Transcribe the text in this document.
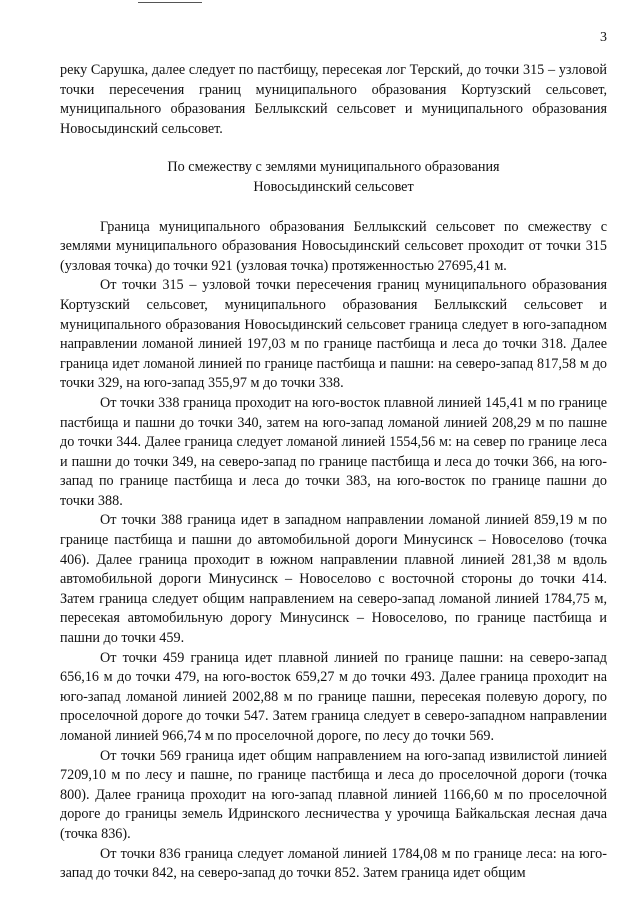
3

реку Сарушка, далее следует по пастбищу, пересекая лог Терский, до точки 315 – узловой точки пересечения границ муниципального образования Кортузский сельсовет, муниципального образования Беллыкский сельсовет и муниципального образования Новосыдинский сельсовет.

По смежеству с землями муниципального образования
Новосыдинский сельсовет

Граница муниципального образования Беллыкский сельсовет по смежеству с землями муниципального образования Новосыдинский сельсовет проходит от точки 315 (узловая точка) до точки 921 (узловая точка) протяженностью 27695,41 м.

От точки 315 – узловой точки пересечения границ муниципального образования Кортузский сельсовет, муниципального образования Беллыкский сельсовет и муниципального образования Новосыдинский сельсовет граница следует в юго-западном направлении ломаной линией 197,03 м по границе пастбища и леса до точки 318. Далее граница идет ломаной линией по границе пастбища и пашни: на северо-запад 817,58 м до точки 329, на юго-запад 355,97 м до точки 338.

От точки 338 граница проходит на юго-восток плавной линией 145,41 м по границе пастбища и пашни до точки 340, затем на юго-запад ломаной линией 208,29 м по пашне до точки 344. Далее граница следует ломаной линией 1554,56 м: на север по границе леса и пашни до точки 349, на северо-запад по границе пастбища и леса до точки 366, на юго-запад по границе пастбища и леса до точки 383, на юго-восток по границе пашни до точки 388.

От точки 388 граница идет в западном направлении ломаной линией 859,19 м по границе пастбища и пашни до автомобильной дороги Минусинск – Новоселово (точка 406). Далее граница проходит в южном направлении плавной линией 281,38 м вдоль автомобильной дороги Минусинск – Новоселово с восточной стороны до точки 414. Затем граница следует общим направлением на северо-запад ломаной линией 1784,75 м, пересекая автомобильную дорогу Минусинск – Новоселово, по границе пастбища и пашни до точки 459.

От точки 459 граница идет плавной линией по границе пашни: на северо-запад 656,16 м до точки 479, на юго-восток 659,27 м до точки 493. Далее граница проходит на юго-запад ломаной линией 2002,88 м по границе пашни, пересекая полевую дорогу, по проселочной дороге до точки 547. Затем граница следует в северо-западном направлении ломаной линией 966,74 м по проселочной дороге, по лесу до точки 569.

От точки 569 граница идет общим направлением на юго-запад извилистой линией 7209,10 м по лесу и пашне, по границе пастбища и леса до проселочной дороги (точка 800). Далее граница проходит на юго-запад плавной линией 1166,60 м по проселочной дороге до границы земель Идринского лесничества у урочища Байкальская лесная дача (точка 836).

От точки 836 граница следует ломаной линией 1784,08 м по границе леса: на юго-запад до точки 842, на северо-запад до точки 852. Затем граница идет общим
